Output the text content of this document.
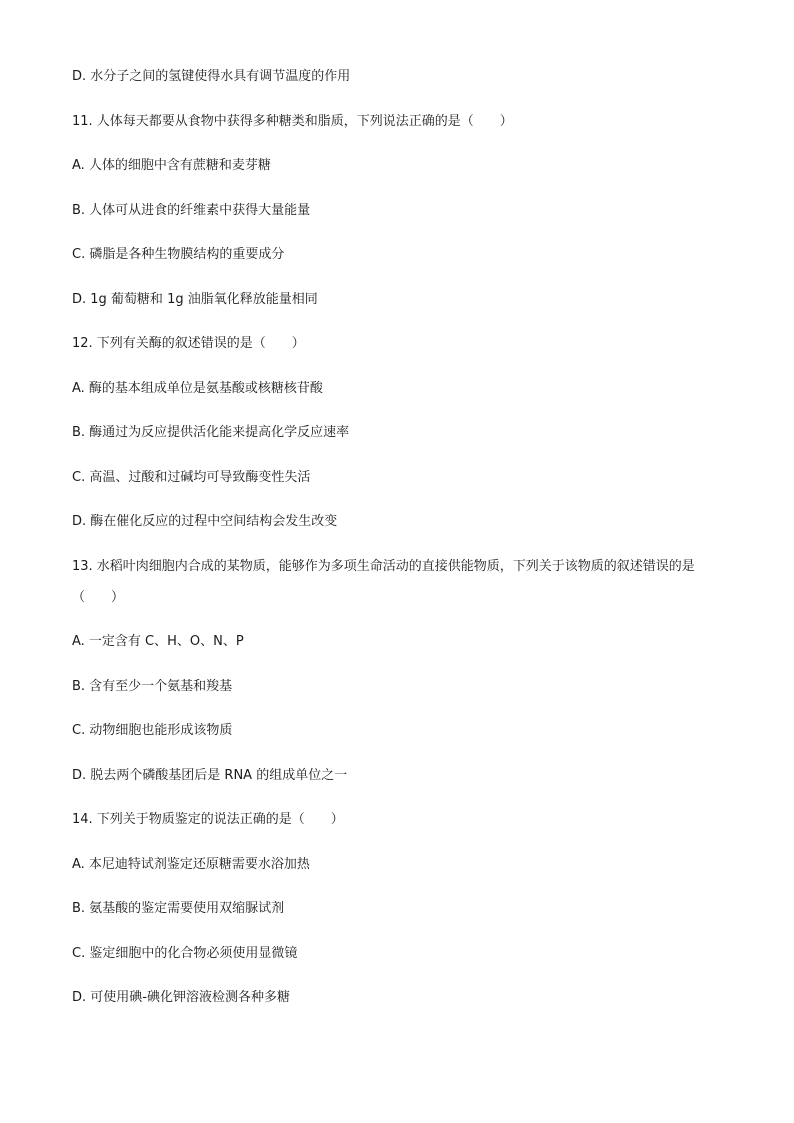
D. 水分子之间的氢键使得水具有调节温度的作用
11. 人体每天都要从食物中获得多种糖类和脂质，下列说法正确的是（　　）
A. 人体的细胞中含有蔗糖和麦芽糖
B. 人体可从进食的纤维素中获得大量能量
C. 磷脂是各种生物膜结构的重要成分
D. 1g 葡萄糖和 1g 油脂氧化释放能量相同
12. 下列有关酶的叙述错误的是（　　）
A. 酶的基本组成单位是氨基酸或核糖核苷酸
B. 酶通过为反应提供活化能来提高化学反应速率
C. 高温、过酸和过碱均可导致酶变性失活
D. 酶在催化反应的过程中空间结构会发生改变
13. 水稻叶肉细胞内合成的某物质，能够作为多项生命活动的直接供能物质，下列关于该物质的叙述错误的是（　　）
A. 一定含有 C、H、O、N、P
B. 含有至少一个氨基和羧基
C. 动物细胞也能形成该物质
D. 脱去两个磷酸基团后是 RNA 的组成单位之一
14. 下列关于物质鉴定的说法正确的是（　　）
A. 本尼迪特试剂鉴定还原糖需要水浴加热
B. 氨基酸的鉴定需要使用双缩脲试剂
C. 鉴定细胞中的化合物必须使用显微镜
D. 可使用碘-碘化钾溶液检测各种多糖
